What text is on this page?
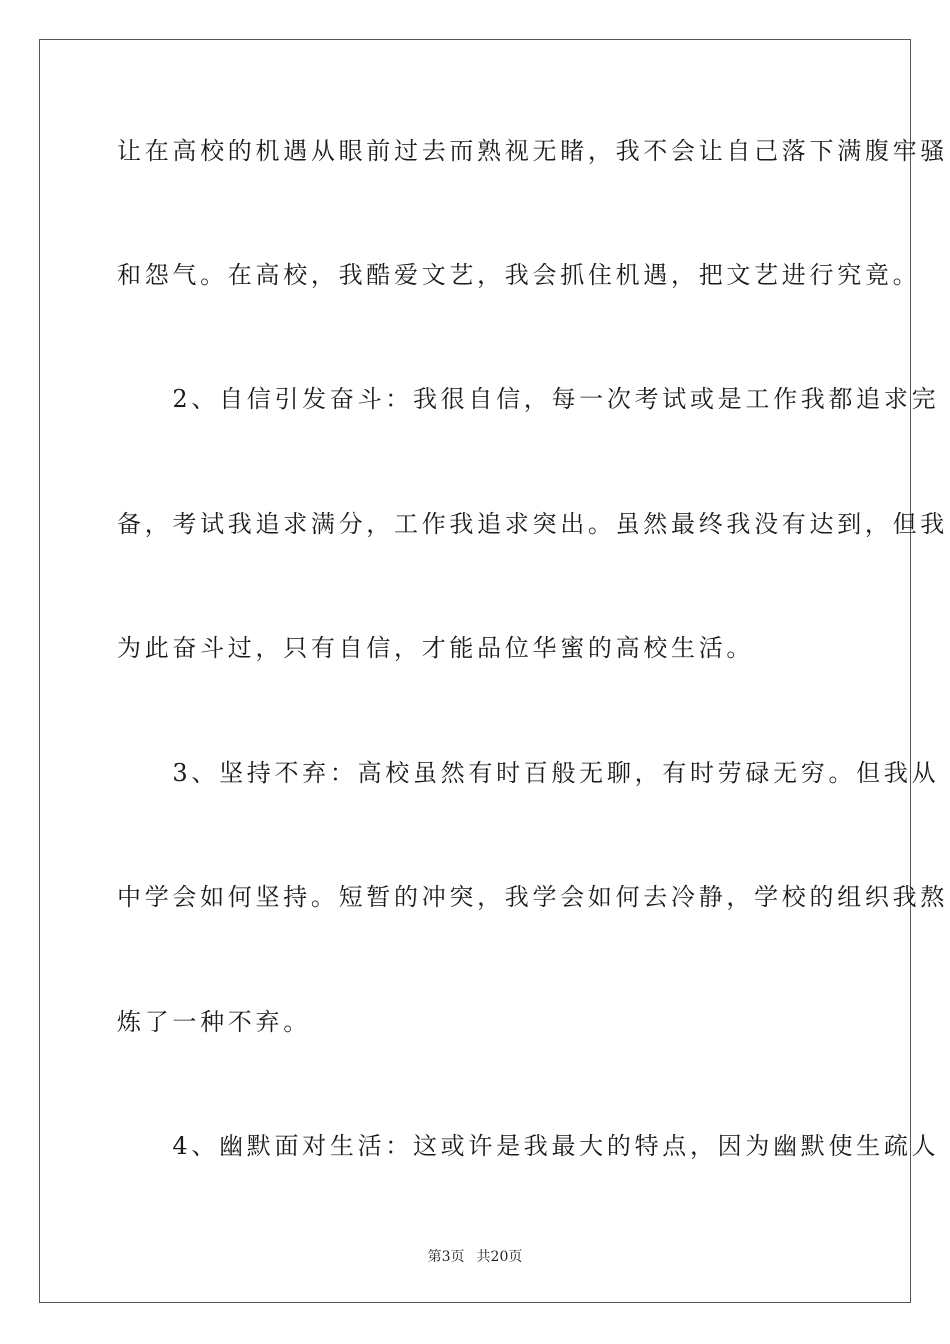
让在高校的机遇从眼前过去而熟视无睹，我不会让自己落下满腹牢骚
和怨气。在高校，我酷爱文艺，我会抓住机遇，把文艺进行究竟。
　　2、自信引发奋斗：我很自信，每一次考试或是工作我都追求完
备，考试我追求满分，工作我追求突出。虽然最终我没有达到，但我
为此奋斗过，只有自信，才能品位华蜜的高校生活。
　　3、坚持不弃：高校虽然有时百般无聊，有时劳碌无穷。但我从
中学会如何坚持。短暂的冲突，我学会如何去冷静，学校的组织我熬
炼了一种不弃。
　　4、幽默面对生活：这或许是我最大的特点，因为幽默使生疏人
第3页 共20页
